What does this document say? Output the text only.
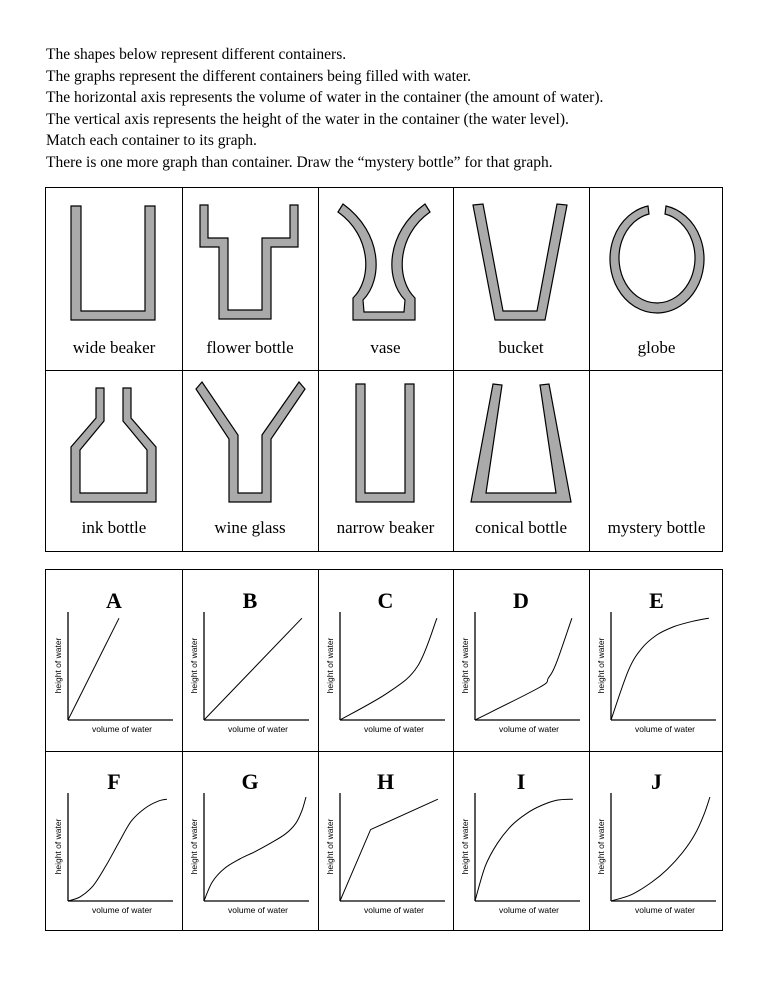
The shapes below represent different containers.
The graphs represent the different containers being filled with water.
The horizontal axis represents the volume of water in the container (the amount of water).
The vertical axis represents the height of the water in the container (the water level).
Match each container to its graph.
There is one more graph than container. Draw the “mystery bottle” for that graph.
wide beaker	flower bottle	vase	bucket	globe
ink bottle	wine glass	narrow beaker	conical bottle	mystery bottle
A
volume of water
height of water
B
volume of water
height of water
C
volume of water
height of water
D
volume of water
height of water
E
volume of water
height of water
F
volume of water
height of water
G
volume of water
height of water
H
volume of water
height of water
I
volume of water
height of water
J
volume of water
height of water
